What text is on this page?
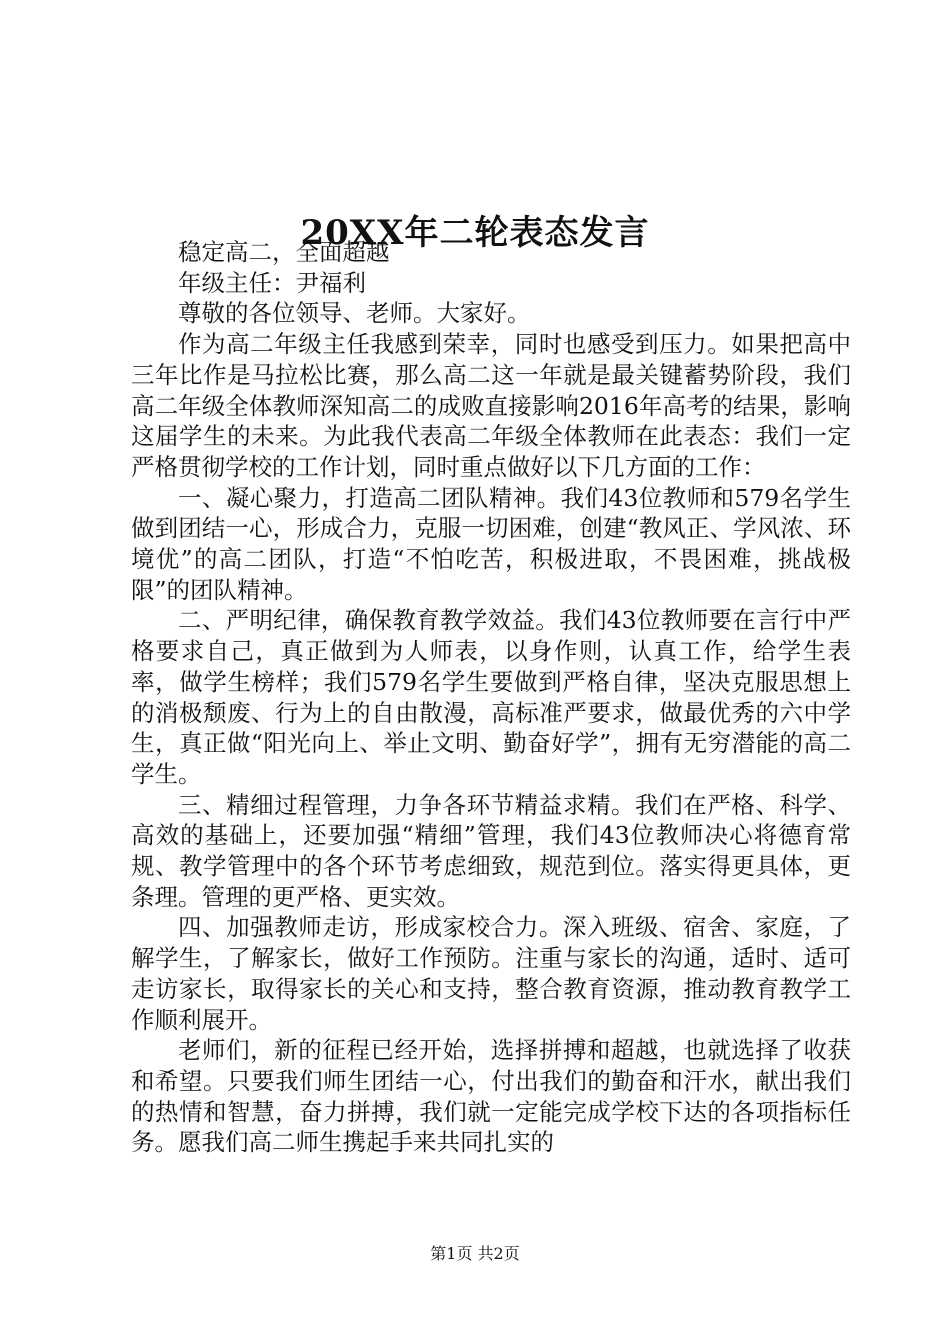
20XX年二轮表态发言

稳定高二，全面超越

年级主任：尹福利

尊敬的各位领导、老师。大家好。

作为高二年级主任我感到荣幸，同时也感受到压力。如果把高中三年比作是马拉松比赛，那么高二这一年就是最关键蓄势阶段，我们高二年级全体教师深知高二的成败直接影响2016年高考的结果，影响这届学生的未来。为此我代表高二年级全体教师在此表态：我们一定严格贯彻学校的工作计划，同时重点做好以下几方面的工作：

一、凝心聚力，打造高二团队精神。我们43位教师和579名学生做到团结一心，形成合力，克服一切困难，创建“教风正、学风浓、环境优”的高二团队，打造“不怕吃苦，积极进取，不畏困难，挑战极限”的团队精神。

二、严明纪律，确保教育教学效益。我们43位教师要在言行中严格要求自己，真正做到为人师表，以身作则，认真工作，给学生表率，做学生榜样；我们579名学生要做到严格自律，坚决克服思想上的消极颓废、行为上的自由散漫，高标准严要求，做最优秀的六中学生，真正做“阳光向上、举止文明、勤奋好学”，拥有无穷潜能的高二学生。

三、精细过程管理，力争各环节精益求精。我们在严格、科学、高效的基础上，还要加强“精细”管理，我们43位教师决心将德育常规、教学管理中的各个环节考虑细致，规范到位。落实得更具体，更条理。管理的更严格、更实效。

四、加强教师走访，形成家校合力。深入班级、宿舍、家庭，了解学生，了解家长，做好工作预防。注重与家长的沟通，适时、适可走访家长，取得家长的关心和支持，整合教育资源，推动教育教学工作顺利展开。

老师们，新的征程已经开始，选择拼搏和超越，也就选择了收获和希望。只要我们师生团结一心，付出我们的勤奋和汗水，献出我们的热情和智慧，奋力拼搏，我们就一定能完成学校下达的各项指标任务。愿我们高二师生携起手来共同扎实的

第1页 共2页
